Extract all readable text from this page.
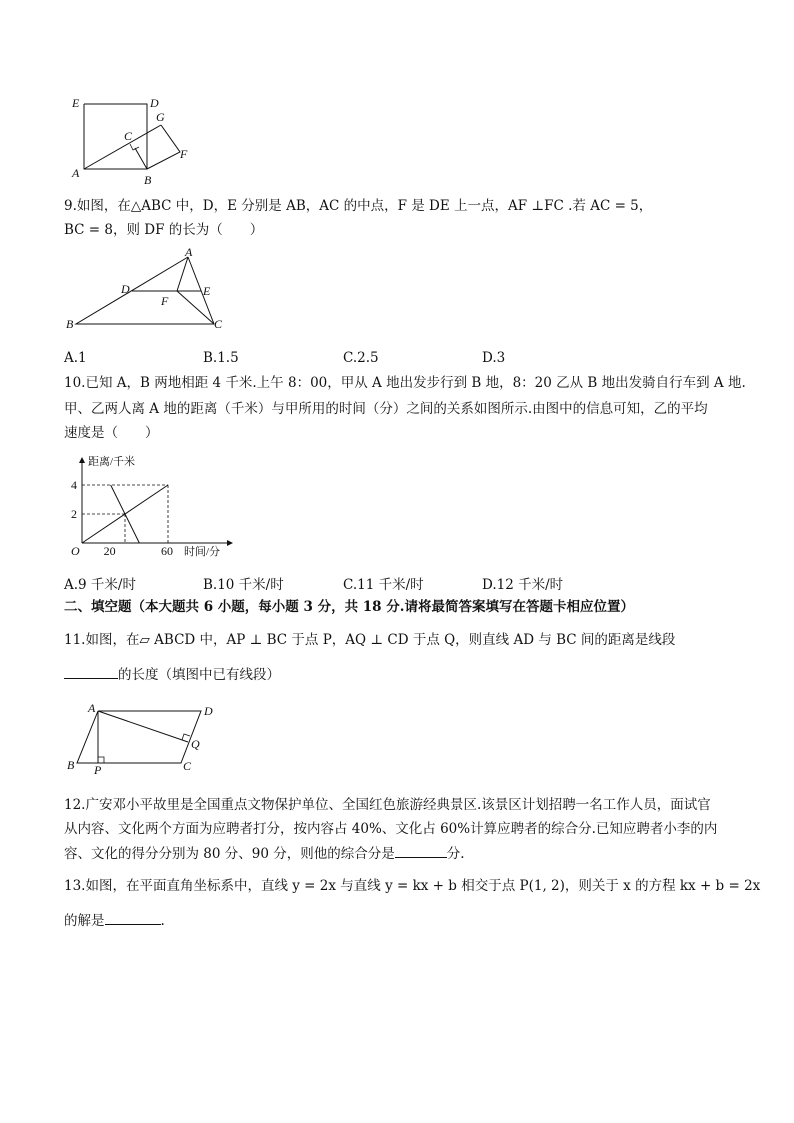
E	D
C
G
F
A	B
9.如图，在△ABC 中，D，E 分别是 AB，AC 的中点，F 是 DE 上一点，AF ⊥FC .若 AC = 5，
BC = 8，则 DF 的长为（　　）
A
D
F
E
B	C
A.1	B.1.5	C.2.5	D.3
10.已知 A，B 两地相距 4 千米.上午 8：00，甲从 A 地出发步行到 B 地，8：20 乙从 B 地出发骑自行车到 A 地.
甲、乙两人离 A 地的距离（千米）与甲所用的时间（分）之间的关系如图所示.由图中的信息可知，乙的平均
速度是（　　）
O 20	60
4
2
距离/千米
时间/分
A.9 千米/时	B.10 千米/时	C.11 千米/时	D.12 千米/时
二、填空题（本大题共 6 小题，每小题 3 分，共 18 分.请将最简答案填写在答题卡相应位置）
11.如图，在▱ ABCD 中，AP ⊥ BC 于点 P，AQ ⊥ CD 于点 Q，则直线 AD 与 BC 间的距离是线段
的长度（填图中已有线段）
A	D
Q
B P	C
12.广安邓小平故里是全国重点文物保护单位、全国红色旅游经典景区.该景区计划招聘一名工作人员，面试官
从内容、文化两个方面为应聘者打分，按内容占 40%、文化占 60%计算应聘者的综合分.已知应聘者小李的内
容、文化的得分分别为 80 分、90 分，则他的综合分是	分.
13.如图，在平面直角坐标系中，直线 y = 2x 与直线 y = kx + b 相交于点 P(1, 2)，则关于 x 的方程 kx + b = 2x
的解是	.
